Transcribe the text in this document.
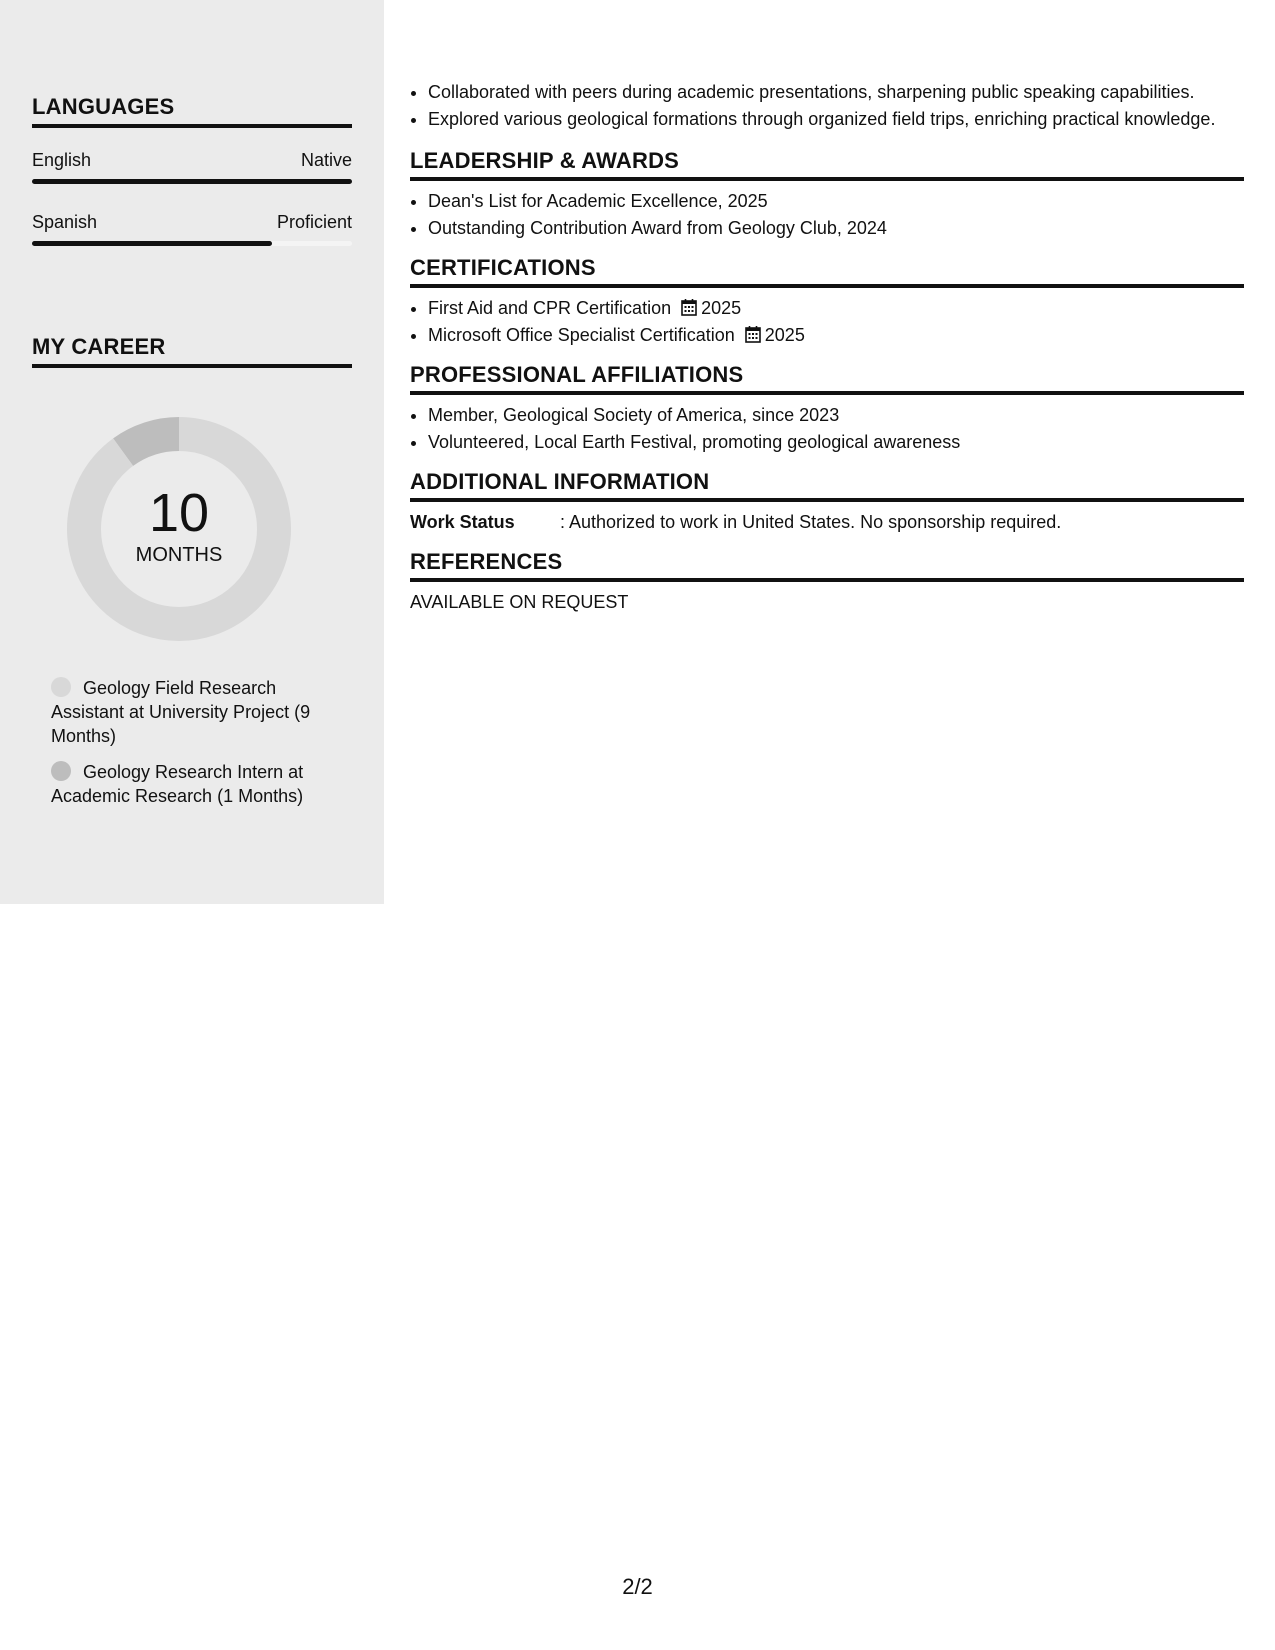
LANGUAGES
English	Native
Spanish	Proficient
MY CAREER
10
MONTHS
Geology Field Research Assistant at University Project (9 Months)
Geology Research Intern at Academic Research (1 Months)
• Collaborated with peers during academic presentations, sharpening public speaking capabilities.
• Explored various geological formations through organized field trips, enriching practical knowledge.
LEADERSHIP & AWARDS
• Dean's List for Academic Excellence, 2025
• Outstanding Contribution Award from Geology Club, 2024
CERTIFICATIONS
• First Aid and CPR Certification 2025
• Microsoft Office Specialist Certification 2025
PROFESSIONAL AFFILIATIONS
• Member, Geological Society of America, since 2023
• Volunteered, Local Earth Festival, promoting geological awareness
ADDITIONAL INFORMATION
Work Status	: Authorized to work in United States. No sponsorship required.
REFERENCES
AVAILABLE ON REQUEST
2/2
